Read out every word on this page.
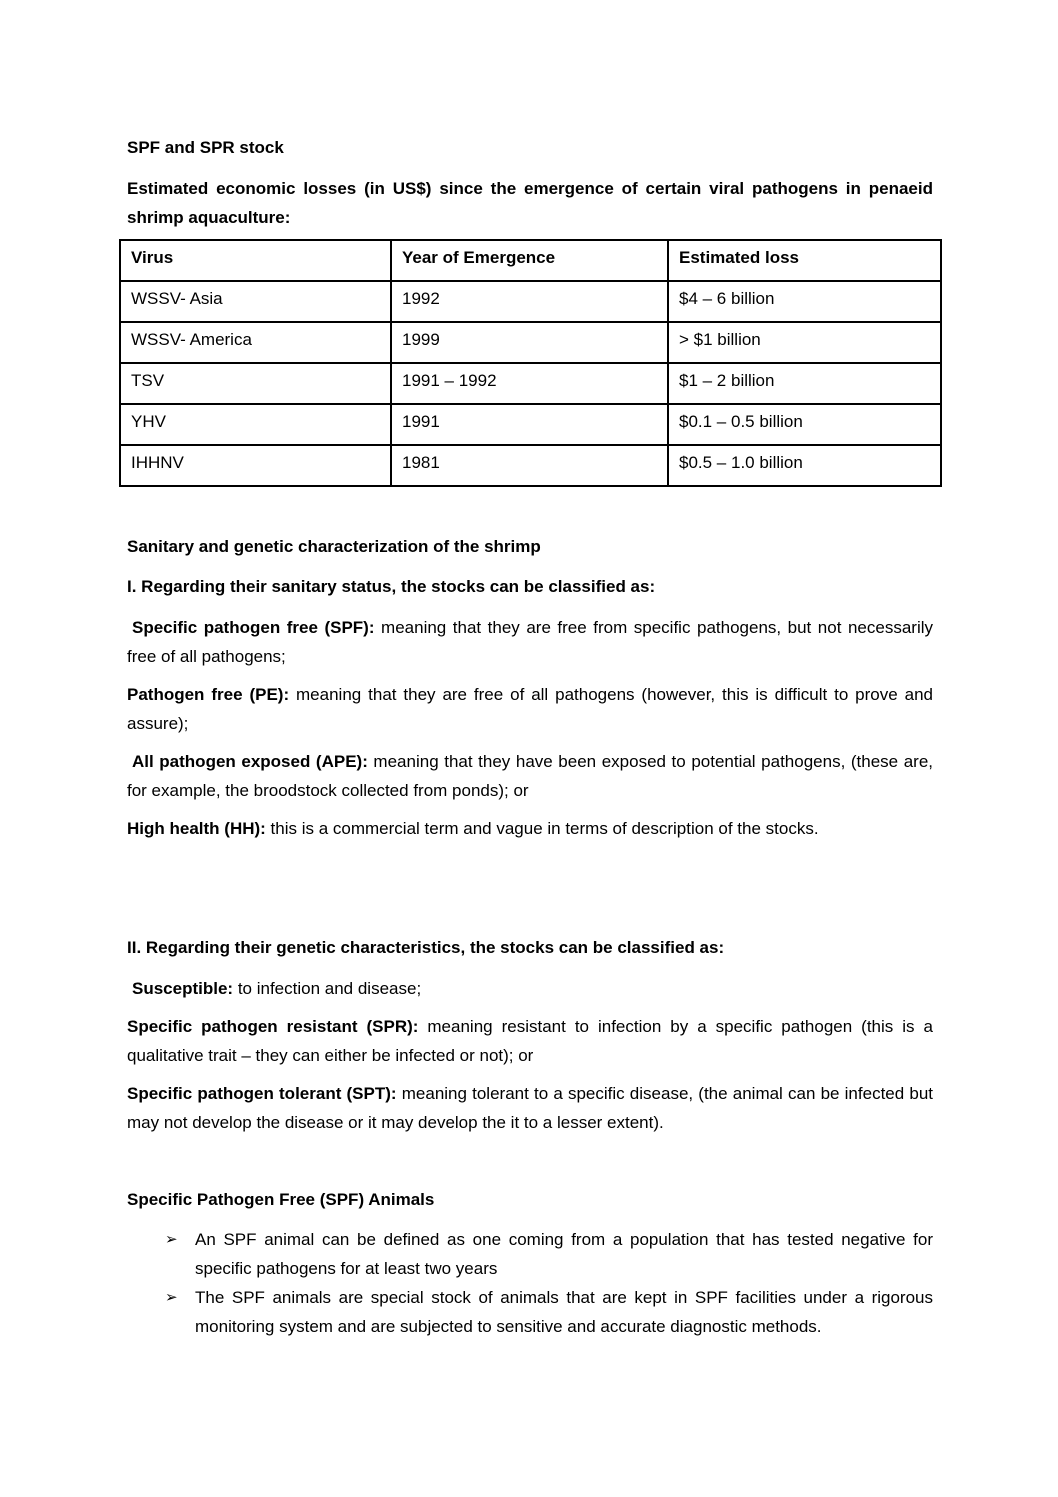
SPF and SPR stock

Estimated economic losses (in US$) since the emergence of certain viral pathogens in penaeid shrimp aquaculture:

Virus	Year of Emergence	Estimated loss
WSSV- Asia	1992	$4 – 6 billion
WSSV- America	1999	> $1 billion
TSV	1991 – 1992	$1 – 2 billion
YHV	1991	$0.1 – 0.5 billion
IHHNV	1981	$0.5 – 1.0 billion

Sanitary and genetic characterization of the shrimp

I. Regarding their sanitary status, the stocks can be classified as:

Specific pathogen free (SPF): meaning that they are free from specific pathogens, but not necessarily free of all pathogens;

Pathogen free (PE): meaning that they are free of all pathogens (however, this is difficult to prove and assure);

All pathogen exposed (APE): meaning that they have been exposed to potential pathogens, (these are, for example, the broodstock collected from ponds); or

High health (HH): this is a commercial term and vague in terms of description of the stocks.

II. Regarding their genetic characteristics, the stocks can be classified as:

Susceptible: to infection and disease;

Specific pathogen resistant (SPR): meaning resistant to infection by a specific pathogen (this is a qualitative trait – they can either be infected or not); or

Specific pathogen tolerant (SPT): meaning tolerant to a specific disease, (the animal can be infected but may not develop the disease or it may develop the it to a lesser extent).

Specific Pathogen Free (SPF) Animals

➢	An SPF animal can be defined as one coming from a population that has tested negative for specific pathogens for at least two years
➢	The SPF animals are special stock of animals that are kept in SPF facilities under a rigorous monitoring system and are subjected to sensitive and accurate diagnostic methods.
